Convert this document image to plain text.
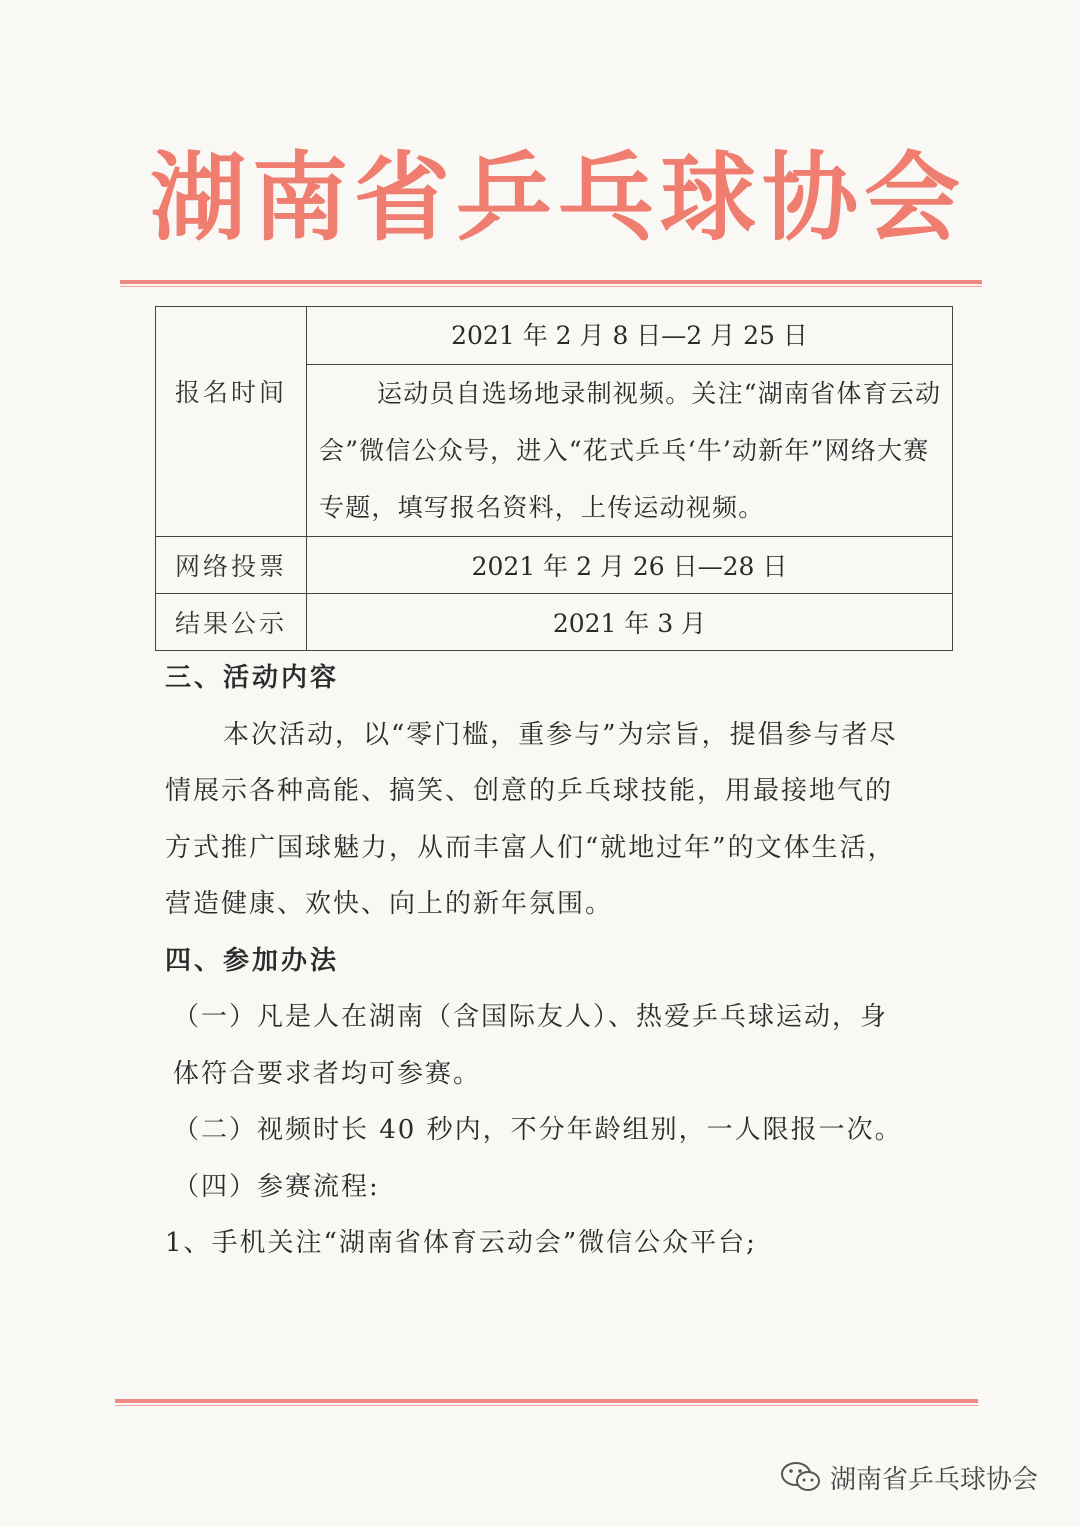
湖南省乒乓球协会
报名时间	2021 年 2 月 8 日—2 月 25 日

	运动员自选场地录制视频。关注“湖南省体育云动会”微信公众号，进入“花式乒乓‘牛’动新年”网络大赛专题，填写报名资料，上传运动视频。

网络投票	2021 年 2 月 26 日—28 日
结果公示	2021 年 3 月
三、活动内容
本次活动，以“零门槛，重参与”为宗旨，提倡参与者尽情展示各种高能、搞笑、创意的乒乓球技能，用最接地气的方式推广国球魅力，从而丰富人们“就地过年”的文体生活，营造健康、欢快、向上的新年氛围。
四、参加办法
（一）凡是人在湖南（含国际友人）、热爱乒乓球运动，身体符合要求者均可参赛。
（二）视频时长 40 秒内，不分年龄组别，一人限报一次。
（四）参赛流程:
1、手机关注“湖南省体育云动会”微信公众平台;
湖南省乒乓球协会
